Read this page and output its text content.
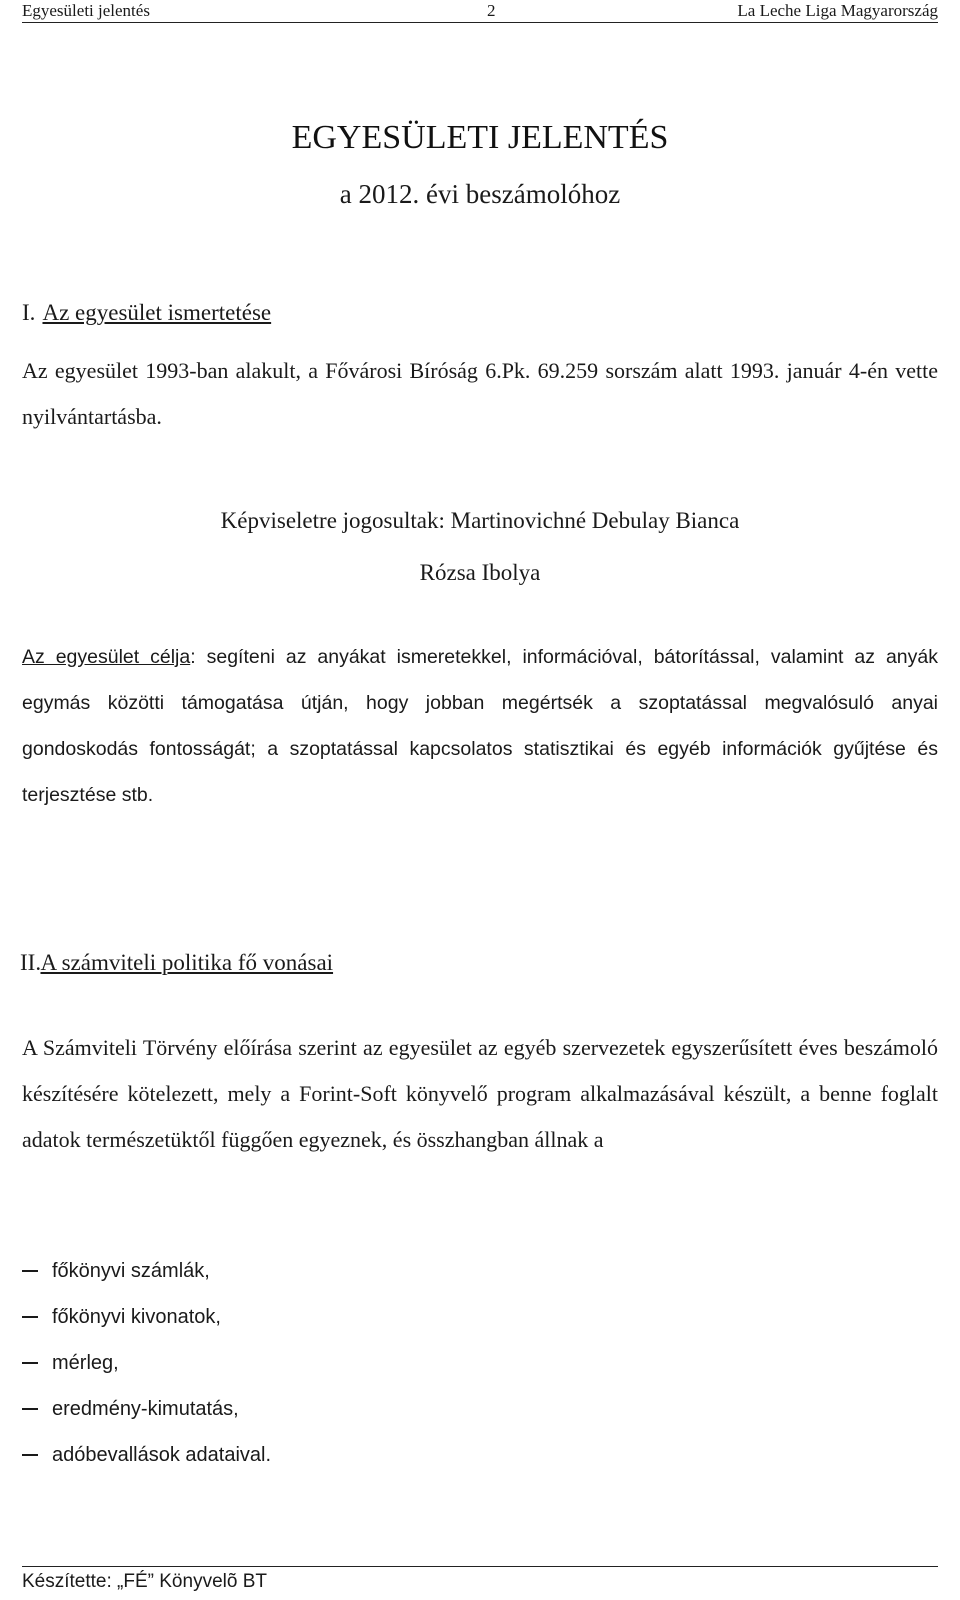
Egyesületi jelentés	2	La Leche Liga Magyarország
EGYESÜLETI JELENTÉS
a 2012. évi beszámolóhoz
I. Az egyesület ismertetése

Az egyesület 1993-ban alakult, a Fővárosi Bíróság 6.Pk. 69.259 sorszám alatt 1993. január 4-én vette nyilvántartásba.

Képviseletre jogosultak: Martinovichné Debulay Bianca
Rózsa Ibolya

Az egyesület célja: segíteni az anyákat ismeretekkel, információval, bátorítással, valamint az anyák egymás közötti támogatása útján, hogy jobban megértsék a szoptatással megvalósuló anyai gondoskodás fontosságát; a szoptatással kapcsolatos statisztikai és egyéb információk gyűjtése és terjesztése stb.

II. A számviteli politika fő vonásai

A Számviteli Törvény előírása szerint az egyesület az egyéb szervezetek egyszerűsített éves beszámoló készítésére kötelezett, mely a Forint-Soft könyvelő program alkalmazásával készült, a benne foglalt adatok természetüktől függően egyeznek, és összhangban állnak a

főkönyvi számlák,
főkönyvi kivonatok,
mérleg,
eredmény-kimutatás,
adóbevallások adataival.
Készítette: „FÉ” Könyvelõ BT
